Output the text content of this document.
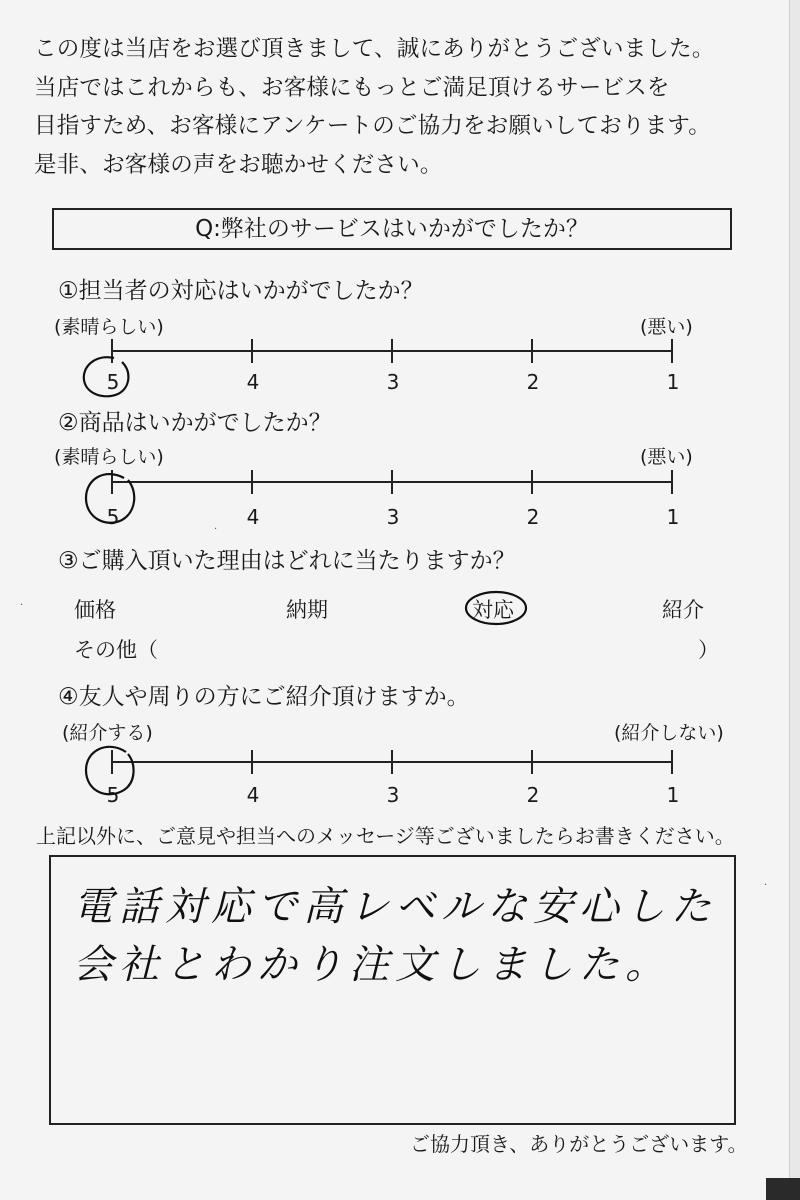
この度は当店をお選び頂きまして、誠にありがとうございました。
当店ではこれからも、お客様にもっとご満足頂けるサービスを
目指すため、お客様にアンケートのご協力をお願いしております。
是非、お客様の声をお聴かせください。
Q:弊社のサービスはいかがでしたか？
①担当者の対応はいかがでしたか？
(素晴らしい)	(悪い)
5	4	3	2	1
②商品はいかがでしたか？
(素晴らしい)	(悪い)
5	4	3	2	1
③ご購入頂いた理由はどれに当たりますか？
価格	納期	対応	紹介
その他（	）
④友人や周りの方にご紹介頂けますか。
(紹介する)	(紹介しない)
5	4	3	2	1
上記以外に、ご意見や担当へのメッセージ等ございましたらお書きください。
電話対応で高レベルな安心した
会社とわかり注文しました。
ご協力頂き、ありがとうございます。
·
·
·
